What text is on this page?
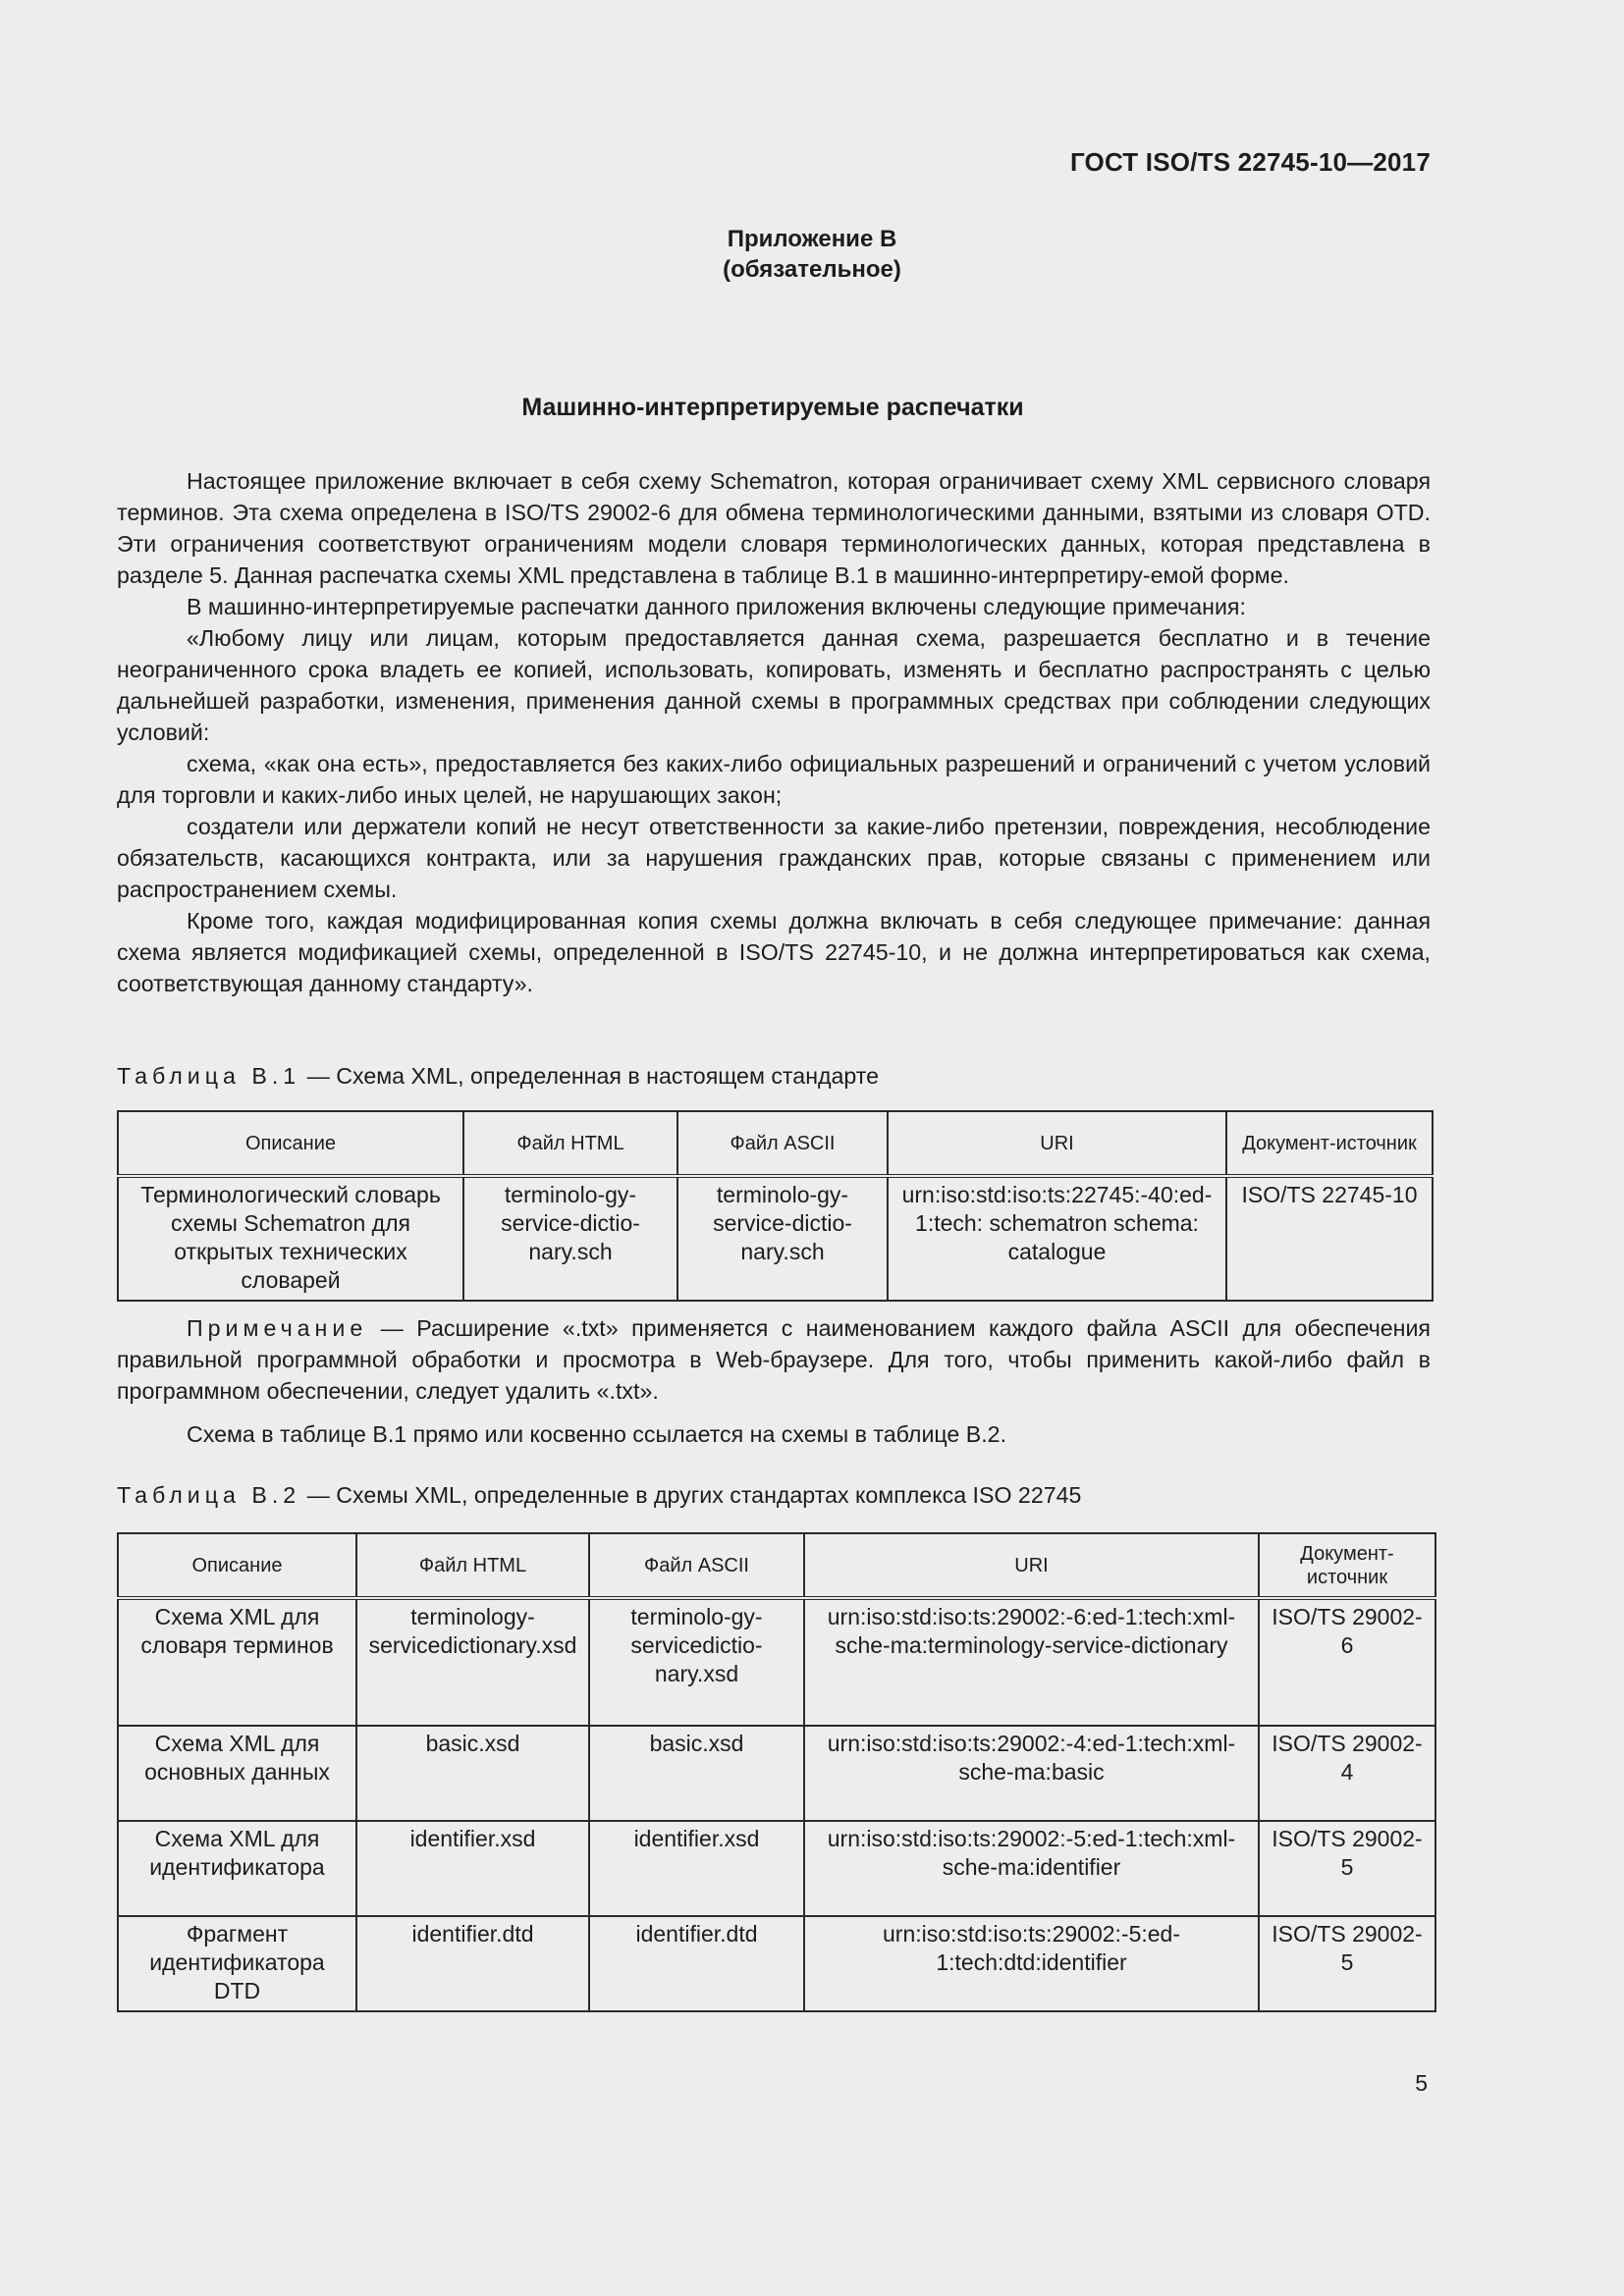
ГОСТ ISO/TS 22745-10—2017
Приложение B
(обязательное)
Машинно-интерпретируемые распечатки

Настоящее приложение включает в себя схему Schematron, которая ограничивает схему XML сервисного словаря терминов. Эта схема определена в ISO/TS 29002-6 для обмена терминологическими данными, взятыми из словаря OTD. Эти ограничения соответствуют ограничениям модели словаря терминологических данных, которая представлена в разделе 5. Данная распечатка схемы XML представлена в таблице B.1 в машинно-интерпретиру-емой форме.

В машинно-интерпретируемые распечатки данного приложения включены следующие примечания:

«Любому лицу или лицам, которым предоставляется данная схема, разрешается бесплатно и в течение неограниченного срока владеть ее копией, использовать, копировать, изменять и бесплатно распространять с целью дальнейшей разработки, изменения, применения данной схемы в программных средствах при соблюдении следующих условий:

схема, «как она есть», предоставляется без каких-либо официальных разрешений и ограничений с учетом условий для торговли и каких-либо иных целей, не нарушающих закон;

создатели или держатели копий не несут ответственности за какие-либо претензии, повреждения, несоблюдение обязательств, касающихся контракта, или за нарушения гражданских прав, которые связаны с применением или распространением схемы.

Кроме того, каждая модифицированная копия схемы должна включать в себя следующее примечание: данная схема является модификацией схемы, определенной в ISO/TS 22745-10, и не должна интерпретироваться как схема, соответствующая данному стандарту».

Таблица B.1 — Схема XML, определенная в настоящем стандарте
Описание	Файл HTML	Файл ASCII	URI	Документ-источник
Терминологический словарь схемы Schematron для открытых технических словарей	terminolo-gy-service-dictio-nary.sch	terminolo-gy-service-dictio-nary.sch	urn:iso:std:iso:ts:22745:-40:ed-1:tech: schematron schema: catalogue	ISO/TS 22745-10

Примечание — Расширение «.txt» применяется с наименованием каждого файла ASCII для обеспечения правильной программной обработки и просмотра в Web-браузере. Для того, чтобы применить какой-либо файл в программном обеспечении, следует удалить «.txt».

Схема в таблице B.1 прямо или косвенно ссылается на схемы в таблице B.2.
Таблица B.2 — Схемы XML, определенные в других стандартах комплекса ISO 22745
Описание	Файл HTML	Файл ASCII	URI	Документ-источник
Схема XML для словаря терминов	terminology-servicedictionary.xsd	terminolo-gy-servicedictio-nary.xsd	urn:iso:std:iso:ts:29002:-6:ed-1:tech:xml-sche-ma:terminology-service-dictionary	ISO/TS 29002-6
Схема XML для основных данных	basic.xsd	basic.xsd	urn:iso:std:iso:ts:29002:-4:ed-1:tech:xml-sche-ma:basic	ISO/TS 29002-4
Схема XML для идентификатора	identifier.xsd	identifier.xsd	urn:iso:std:iso:ts:29002:-5:ed-1:tech:xml-sche-ma:identifier	ISO/TS 29002-5
Фрагмент идентификатора DTD	identifier.dtd	identifier.dtd	urn:iso:std:iso:ts:29002:-5:ed-1:tech:dtd:identifier	ISO/TS 29002-5
5
